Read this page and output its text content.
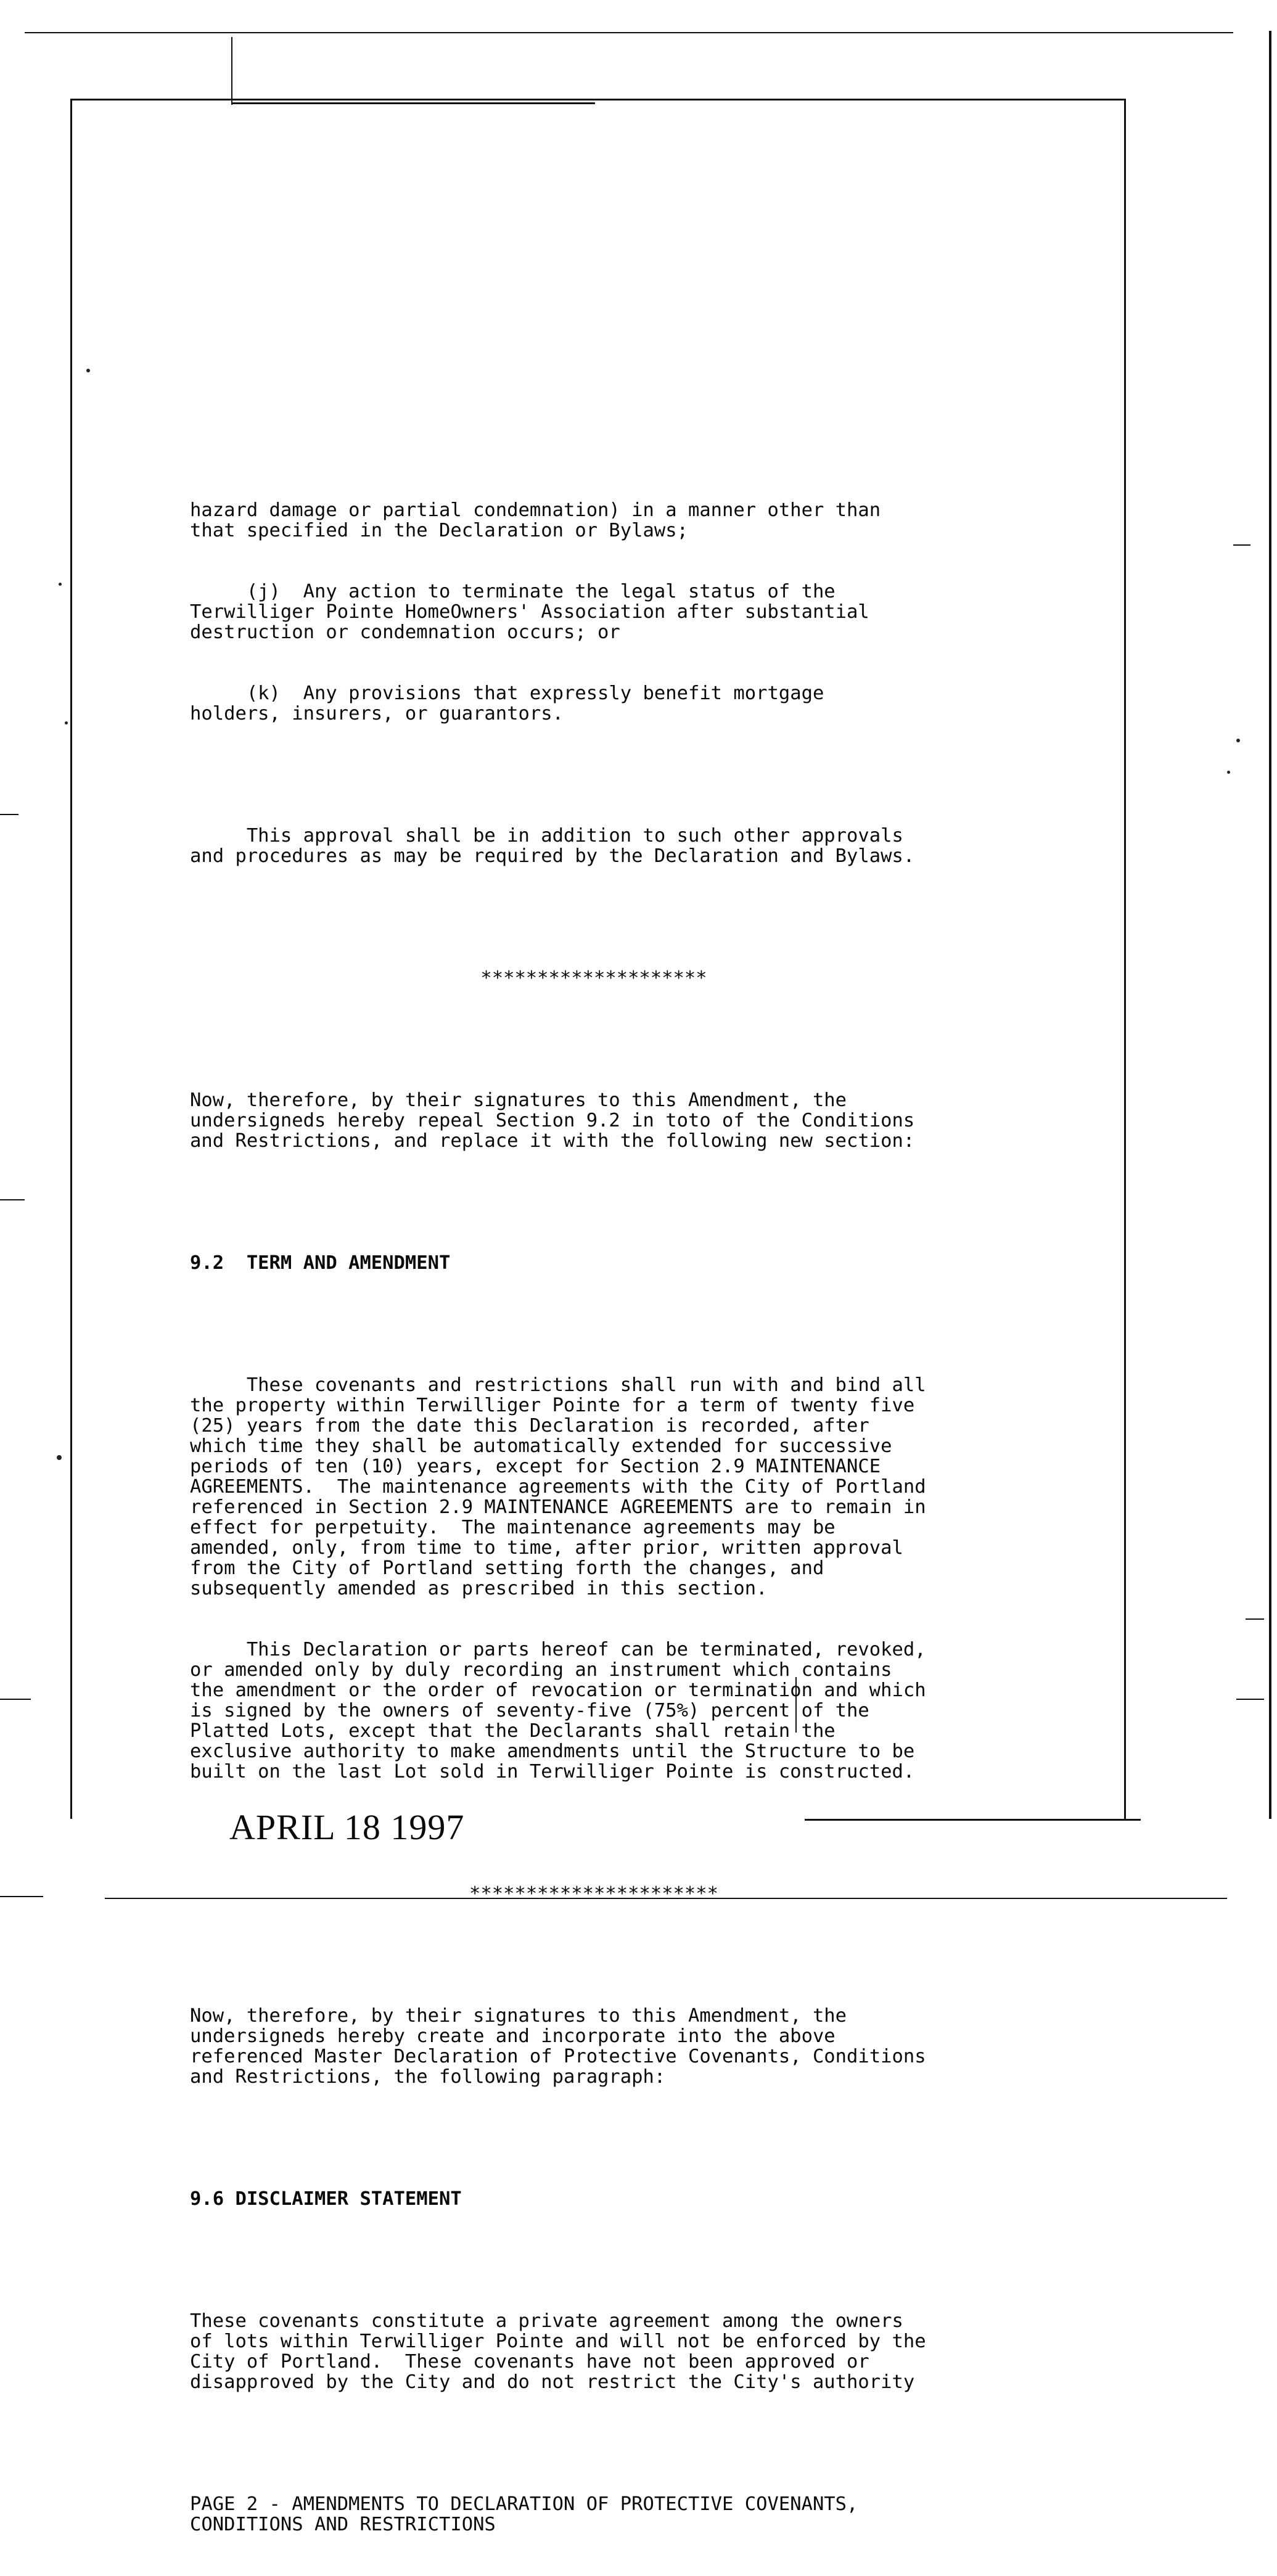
hazard damage or partial condemnation) in a manner other than
that specified in the Declaration or Bylaws;

(j)  Any action to terminate the legal status of the
Terwilliger Pointe HomeOwners' Association after substantial
destruction or condemnation occurs; or

(k)  Any provisions that expressly benefit mortgage
holders, insurers, or guarantors.

This approval shall be in addition to such other approvals
and procedures as may be required by the Declaration and Bylaws.

********************

Now, therefore, by their signatures to this Amendment, the
undersigneds hereby repeal Section 9.2 in toto of the Conditions
and Restrictions, and replace it with the following new section:

9.2  TERM AND AMENDMENT

These covenants and restrictions shall run with and bind all
the property within Terwilliger Pointe for a term of twenty five
(25) years from the date this Declaration is recorded, after
which time they shall be automatically extended for successive
periods of ten (10) years, except for Section 2.9 MAINTENANCE
AGREEMENTS.  The maintenance agreements with the City of Portland
referenced in Section 2.9 MAINTENANCE AGREEMENTS are to remain in
effect for perpetuity.  The maintenance agreements may be
amended, only, from time to time, after prior, written approval
from the City of Portland setting forth the changes, and
subsequently amended as prescribed in this section.

This Declaration or parts hereof can be terminated, revoked,
or amended only by duly recording an instrument which contains
the amendment or the order of revocation or termination and which
is signed by the owners of seventy-five (75%) percent of the
Platted Lots, except that the Declarants shall retain the
exclusive authority to make amendments until the Structure to be
built on the last Lot sold in Terwilliger Pointe is constructed.

**********************

Now, therefore, by their signatures to this Amendment, the
undersigneds hereby create and incorporate into the above
referenced Master Declaration of Protective Covenants, Conditions
and Restrictions, the following paragraph:

9.6 DISCLAIMER STATEMENT

These covenants constitute a private agreement among the owners
of lots within Terwilliger Pointe and will not be enforced by the
City of Portland.  These covenants have not been approved or
disapproved by the City and do not restrict the City's authority

PAGE 2 - AMENDMENTS TO DECLARATION OF PROTECTIVE COVENANTS,
CONDITIONS AND RESTRICTIONS

APRIL 18 1997
